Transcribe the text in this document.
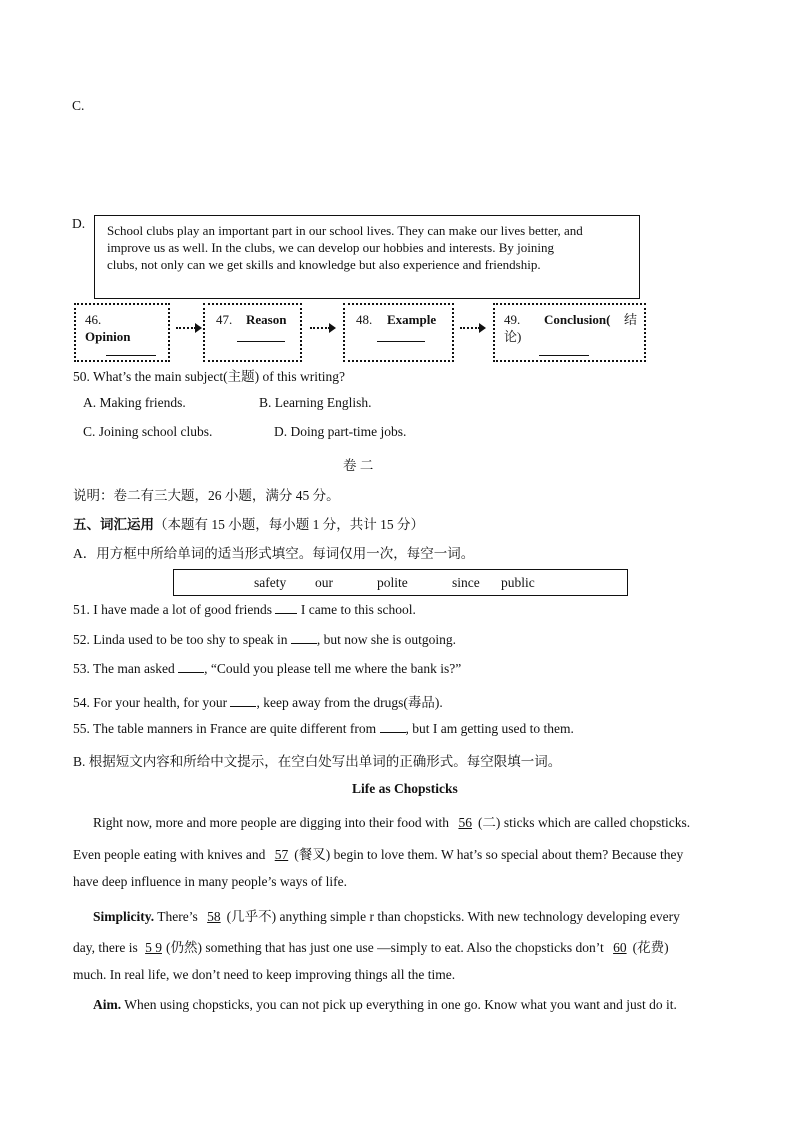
C.
D. School clubs play an important part in our school lives. They can make our lives better, and
improve us as well. In the clubs, we can develop our hobbies and interests. By joining
clubs, not only can we get skills and knowledge but also experience and friendship.
46.
Opinion
47. Reason	48. Example	49. Conclusion( 结
论)
50. What’s the main subject(主题) of this writing?
A. Making friends.	B. Learning English.
C. Joining school clubs.	D. Doing part-time jobs.
卷 二
说明：卷二有三大题，26 小题，满分 45 分。
五、词汇运用（本题有 15 小题，每小题 1 分，共计 15 分）
A．用方框中所给单词的适当形式填空。每词仅用一次，每空一词。
safety our	polite	since public
51. I have made a lot of good friends I came to this school.
52. Linda used to be too shy to speak in , but now she is outgoing.
53. The man asked , “Could you please tell me where the bank is?”
54. For your health, for your , keep away from the drugs(毒品).
55. The table manners in France are quite different from , but I am getting used to them.
B. 根据短文内容和所给中文提示，在空白处写出单词的正确形式。每空限填一词。
Life as Chopsticks
Right now, more and more people are digging into their food with 56 (二) sticks which are called chopsticks.
Even people eating with knives and 57 (餐叉) begin to love them. W hat’s so special about them? Because they
have deep influence in many people’s ways of life.
Simplicity. There’s 58 (几乎不) anything simple r than chopsticks. With new technology developing every
day, there is 5 9 (仍然) something that has just one use —simply to eat. Also the chopsticks don’t 60 (花费)
much. In real life, we don’t need to keep improving things all the time.
Aim. When using chopsticks, you can not pick up everything in one go. Know what you want and just do it.
